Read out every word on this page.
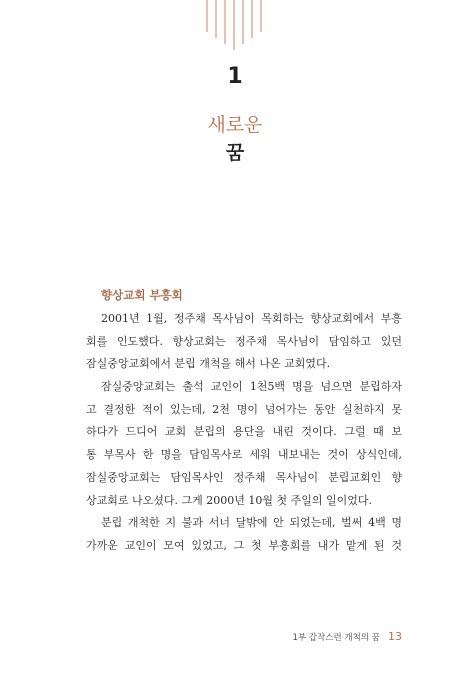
1
새로운
꿈
향상교회 부흥회
2001년 1월, 정주채 목사님이 목회하는 향상교회에서 부흥
회를 인도했다. 향상교회는 정주채 목사님이 담임하고 있던
잠실중앙교회에서 분립 개척을 해서 나온 교회였다.
잠실중앙교회는 출석 교인이 1천5백 명을 넘으면 분립하자
고 결정한 적이 있는데, 2천 명이 넘어가는 동안 실천하지 못
하다가 드디어 교회 분립의 용단을 내린 것이다. 그럴 때 보
통 부목사 한 명을 담임목사로 세워 내보내는 것이 상식인데,
잠실중앙교회는 담임목사인 정주채 목사님이 분립교회인 향
상교회로 나오셨다. 그게 2000년 10월 첫 주일의 일이었다.
분립 개척한 지 불과 서너 달밖에 안 되었는데, 벌써 4백 명
가까운 교인이 모여 있었고, 그 첫 부흥회를 내가 맡게 된 것
1부 갑작스런 개척의 꿈 13
